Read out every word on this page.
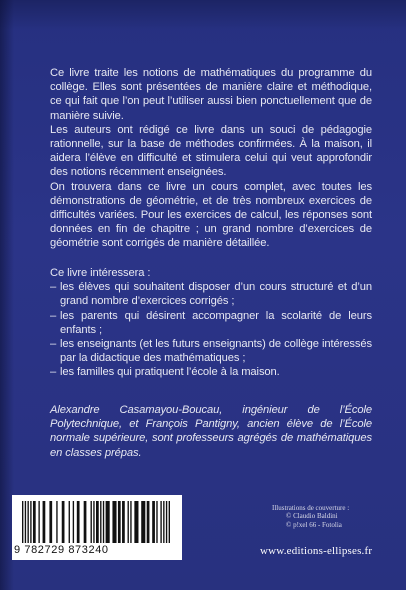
Ce livre traite les notions de mathématiques du programme du collège. Elles sont présentées de manière claire et méthodique, ce qui fait que l’on peut l’utiliser aussi bien ponctuellement que de manière suivie.

Les auteurs ont rédigé ce livre dans un souci de pédagogie rationnelle, sur la base de méthodes confirmées. À la maison, il aidera l’élève en difficulté et stimulera celui qui veut approfondir des notions récemment enseignées.

On trouvera dans ce livre un cours complet, avec toutes les démonstrations de géométrie, et de très nombreux exercices de difficultés variées. Pour les exercices de calcul, les réponses sont données en fin de chapitre ; un grand nombre d’exercices de géométrie sont corrigés de manière détaillée.

Ce livre intéressera :

– les élèves qui souhaitent disposer d’un cours structuré et d’un grand nombre d’exercices corrigés ;
– les parents qui désirent accompagner la scolarité de leurs enfants ;
– les enseignants (et les futurs enseignants) de collège intéressés par la didactique des mathématiques ;
– les familles qui pratiquent l’école à la maison.

Alexandre Casamayou-Boucau, ingénieur de l’École Polytechnique, et François Pantigny, ancien élève de l’École normale supérieure, sont professeurs agrégés de mathématiques en classes prépas.

Illustrations de couverture :
© Claudio Baldini
© p!xel 66 - Fotolia
9 782729 873240	www.editions-ellipses.fr
